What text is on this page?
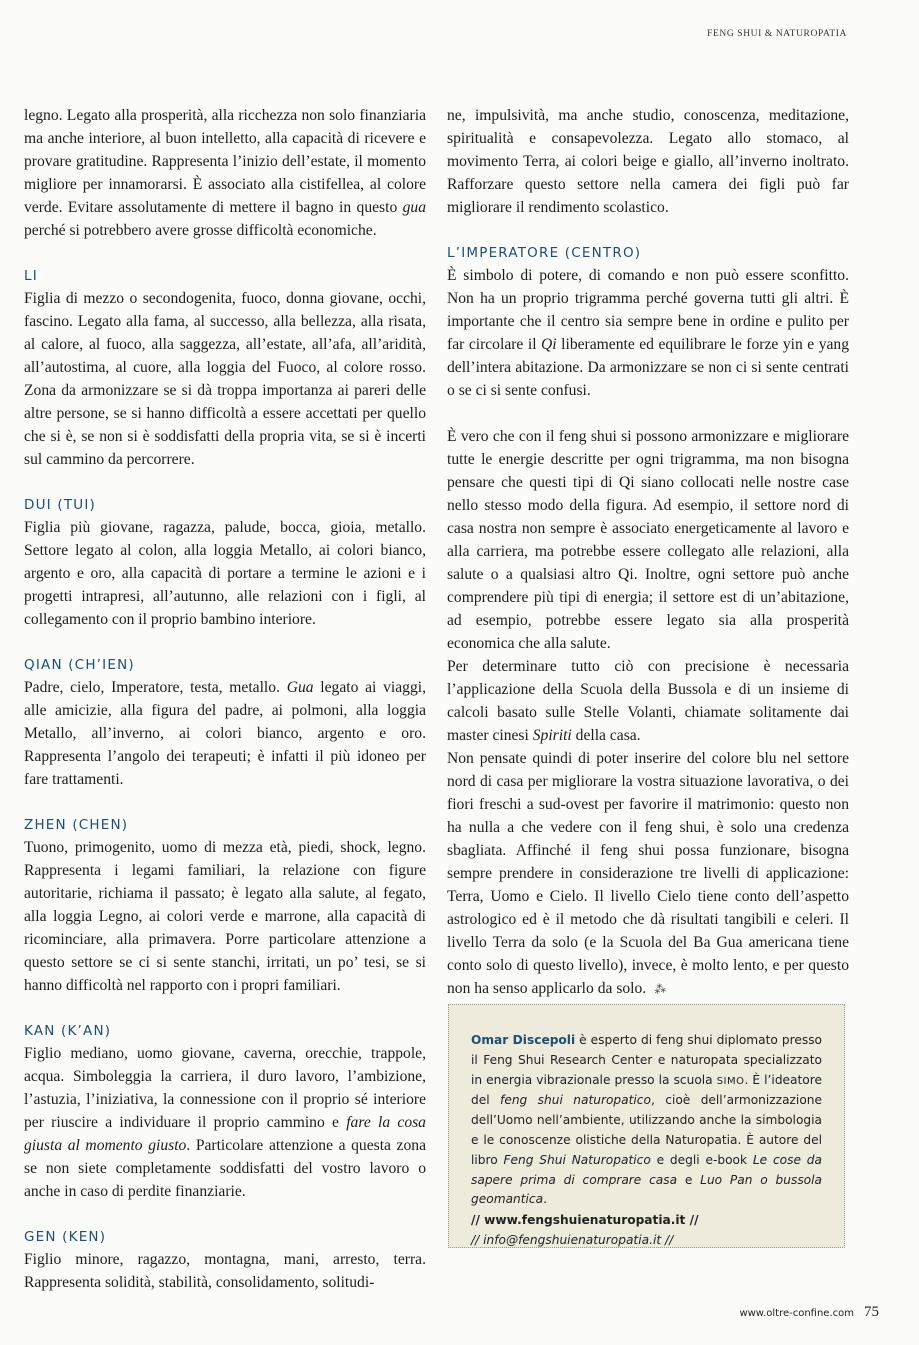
FENG SHUI & NATUROPATIA

legno. Legato alla prosperità, alla ricchezza non solo finanziaria ma anche interiore, al buon intelletto, alla capacità di ricevere e provare gratitudine. Rappresenta l’inizio dell’estate, il momento migliore per innamorarsi. È associato alla cistifellea, al colore verde. Evitare assolutamente di mettere il bagno in questo gua perché si potrebbero avere grosse difficoltà economiche.

LI

Figlia di mezzo o secondogenita, fuoco, donna giovane, occhi, fascino. Legato alla fama, al successo, alla bellezza, alla risata, al calore, al fuoco, alla saggezza, all’estate, all’afa, all’aridità, all’autostima, al cuore, alla loggia del Fuoco, al colore rosso. Zona da armonizzare se si dà troppa importanza ai pareri delle altre persone, se si hanno difficoltà a essere accettati per quello che si è, se non si è soddisfatti della propria vita, se si è incerti sul cammino da percorrere.

DUI (TUI)

Figlia più giovane, ragazza, palude, bocca, gioia, metallo. Settore legato al colon, alla loggia Metallo, ai colori bianco, argento e oro, alla capacità di portare a termine le azioni e i progetti intrapresi, all’autunno, alle relazioni con i figli, al collegamento con il proprio bambino interiore.

QIAN (CH’IEN)

Padre, cielo, Imperatore, testa, metallo. Gua legato ai viaggi, alle amicizie, alla figura del padre, ai polmoni, alla loggia Metallo, all’inverno, ai colori bianco, argento e oro. Rappresenta l’angolo dei terapeuti; è infatti il più idoneo per fare trattamenti.

ZHEN (CHEN)

Tuono, primogenito, uomo di mezza età, piedi, shock, legno. Rappresenta i legami familiari, la relazione con figure autoritarie, richiama il passato; è legato alla salute, al fegato, alla loggia Legno, ai colori verde e marrone, alla capacità di ricominciare, alla primavera. Porre particolare attenzione a questo settore se ci si sente stanchi, irritati, un po’ tesi, se si hanno difficoltà nel rapporto con i propri familiari.

KAN (K’AN)

Figlio mediano, uomo giovane, caverna, orecchie, trappole, acqua. Simboleggia la carriera, il duro lavoro, l’ambizione, l’astuzia, l’iniziativa, la connessione con il proprio sé interiore per riuscire a individuare il proprio cammino e fare la cosa giusta al momento giusto. Particolare attenzione a questa zona se non siete completamente soddisfatti del vostro lavoro o anche in caso di perdite finanziarie.

GEN (KEN)

Figlio minore, ragazzo, montagna, mani, arresto, terra. Rappresenta solidità, stabilità, consolidamento, solitudi-

ne, impulsività, ma anche studio, conoscenza, meditazione, spiritualità e consapevolezza. Legato allo stomaco, al movimento Terra, ai colori beige e giallo, all’inverno inoltrato. Rafforzare questo settore nella camera dei figli può far migliorare il rendimento scolastico.

L’IMPERATORE (CENTRO)

È simbolo di potere, di comando e non può essere sconfitto. Non ha un proprio trigramma perché governa tutti gli altri. È importante che il centro sia sempre bene in ordine e pulito per far circolare il Qi liberamente ed equilibrare le forze yin e yang dell’intera abitazione. Da armonizzare se non ci si sente centrati o se ci si sente confusi.

È vero che con il feng shui si possono armonizzare e migliorare tutte le energie descritte per ogni trigramma, ma non bisogna pensare che questi tipi di Qi siano collocati nelle nostre case nello stesso modo della figura. Ad esempio, il settore nord di casa nostra non sempre è associato energeticamente al lavoro e alla carriera, ma potrebbe essere collegato alle relazioni, alla salute o a qualsiasi altro Qi. Inoltre, ogni settore può anche comprendere più tipi di energia; il settore est di un’abitazione, ad esempio, potrebbe essere legato sia alla prosperità economica che alla salute.

Per determinare tutto ciò con precisione è necessaria l’applicazione della Scuola della Bussola e di un insieme di calcoli basato sulle Stelle Volanti, chiamate solitamente dai master cinesi Spiriti della casa.

Non pensate quindi di poter inserire del colore blu nel settore nord di casa per migliorare la vostra situazione lavorativa, o dei fiori freschi a sud-ovest per favorire il matrimonio: questo non ha nulla a che vedere con il feng shui, è solo una credenza sbagliata. Affinché il feng shui possa funzionare, bisogna sempre prendere in considerazione tre livelli di applicazione: Terra, Uomo e Cielo. Il livello Cielo tiene conto dell’aspetto astrologico ed è il metodo che dà risultati tangibili e celeri. Il livello Terra da solo (e la Scuola del Ba Gua americana tiene conto solo di questo livello), invece, è molto lento, e per questo non ha senso applicarlo da solo. ⁂

Omar Discepoli è esperto di feng shui diplomato presso il Feng Shui Research Center e naturopata specializzato in energia vibrazionale presso la scuola SIMO. È l’ideatore del feng shui naturopatico, cioè dell’armonizzazione dell’Uomo nell’ambiente, utilizzando anche la simbologia e le conoscenze olistiche della Naturopatia. È autore del libro Feng Shui Naturopatico e degli e-book Le cose da sapere prima di comprare casa e Luo Pan o bussola geomantica.

// www.fengshuienaturopatia.it //
// info@fengshuienaturopatia.it //
www.oltre-confine.com 75
